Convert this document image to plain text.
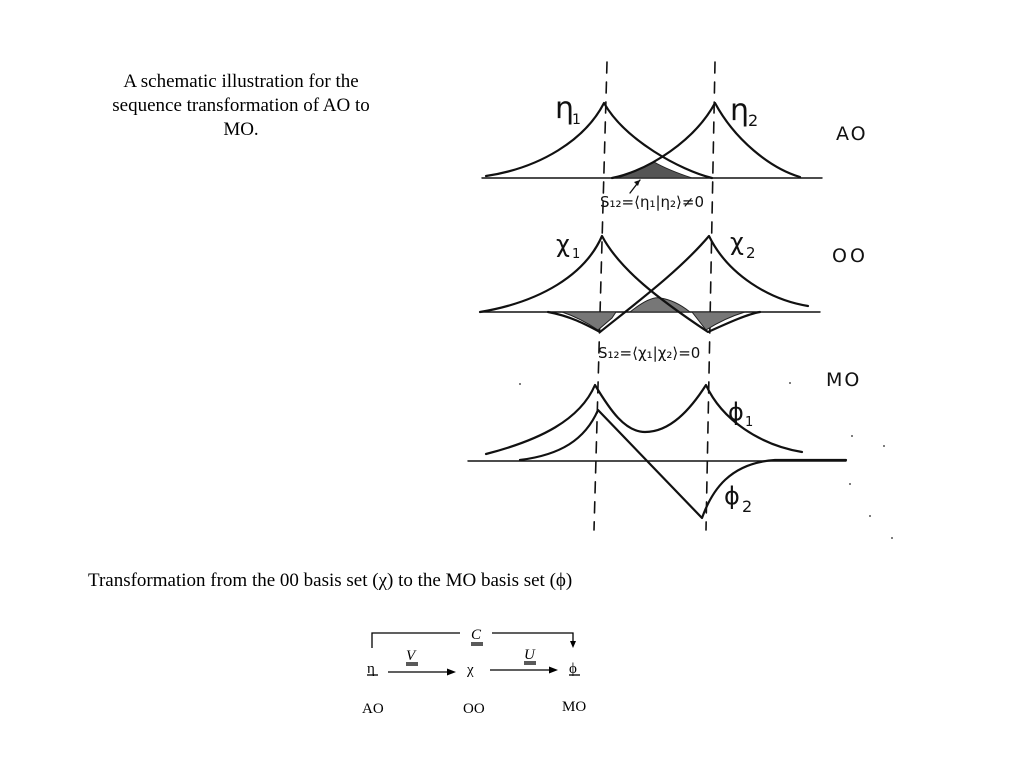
A schematic illustration for the
sequence transformation of AO to
MO.
η
1	η
2
AO
S₁₂=⟨η₁|η₂⟩≠0
χ 1	χ 2	OO
S₁₂=⟨χ₁|χ₂⟩=0
MO
ϕ 1
ϕ 2
Transformation from the 00 basis set (χ) to the MO basis set (ϕ)
C
V	U
η	χ	ϕ
AO	OO	MO
